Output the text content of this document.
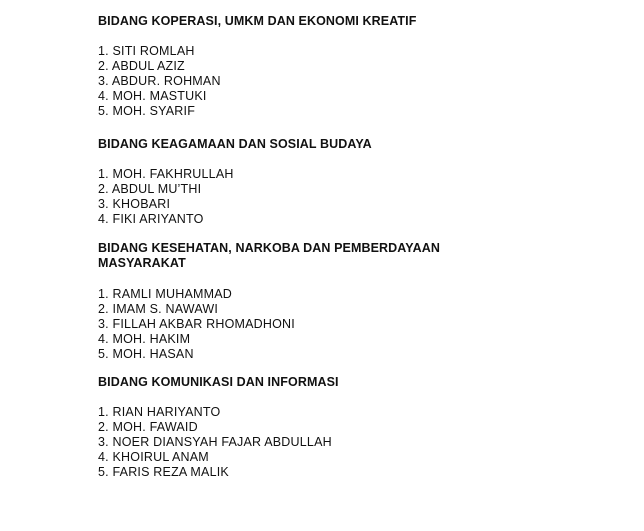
BIDANG KOPERASI, UMKM DAN EKONOMI KREATIF
1 . SITI ROMLAH
2 . ABDUL AZIZ
3 . ABDUR. ROHMAN
4 . MOH. MASTUKI
5 . MOH. SYARIF
BIDANG KEAGAMAAN DAN SOSIAL BUDAYA
1 . MOH. FAKHRULLAH
2 . ABDUL MU’THI
3 . KHOBARI
4 . FIKI ARIYANTO
BIDANG KESEHATAN, NARKOBA DAN PEMBERDAYAAN MASYARAKAT
1 . RAMLI MUHAMMAD
2 . IMAM S. NAWAWI
3 . FILLAH AKBAR RHOMADHONI
4 . MOH. HAKIM
5 . MOH. HASAN
BIDANG KOMUNIKASI DAN INFORMASI
1 . RIAN HARIYANTO
2 . MOH. FAWAID
3 . NOER DIANSYAH FAJAR ABDULLAH
4 . KHOIRUL ANAM
5 . FARIS REZA MALIK
